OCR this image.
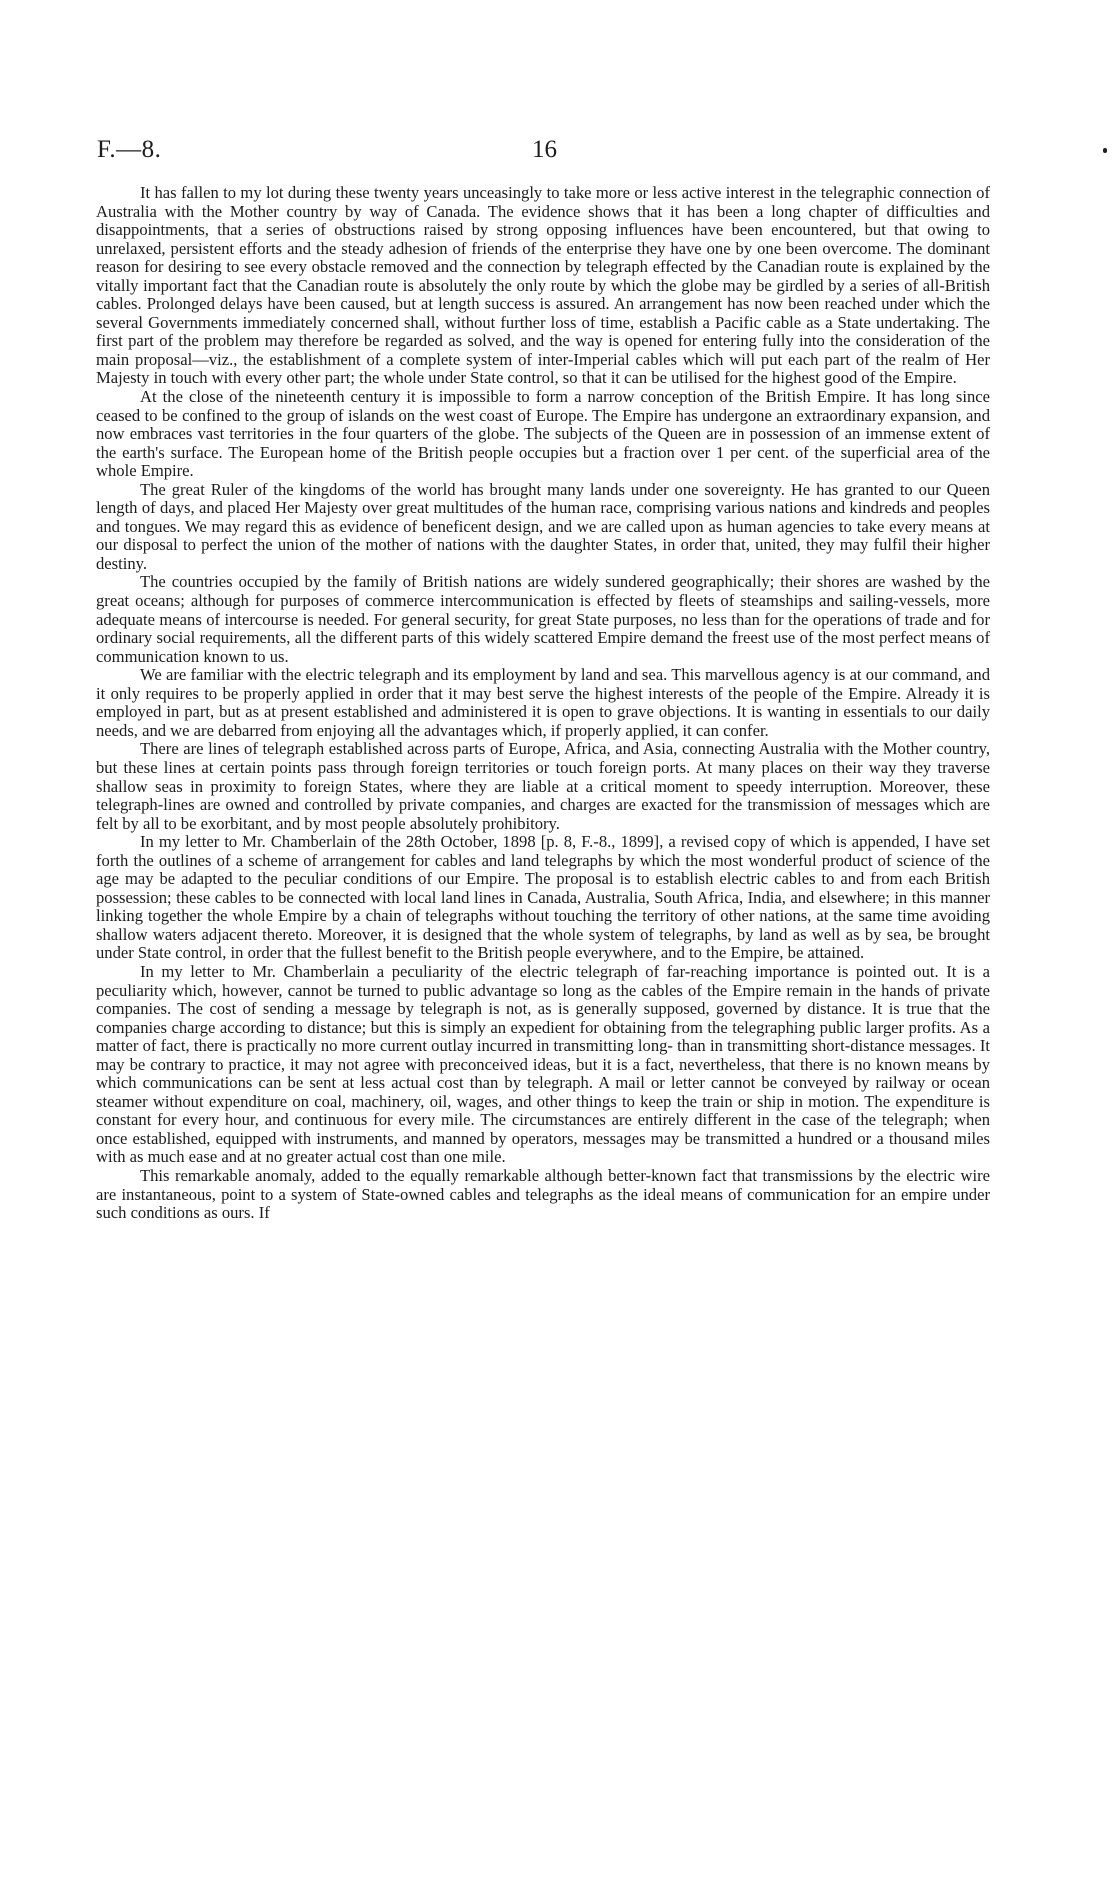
F.—8.	16

It has fallen to my lot during these twenty years unceasingly to take more or less active interest in the telegraphic connection of Australia with the Mother country by way of Canada. The evidence shows that it has been a long chapter of difficulties and disappointments, that a series of obstructions raised by strong opposing influences have been encountered, but that owing to unrelaxed, persistent efforts and the steady adhesion of friends of the enterprise they have one by one been overcome. The dominant reason for desiring to see every obstacle removed and the connection by telegraph effected by the Canadian route is explained by the vitally important fact that the Canadian route is absolutely the only route by which the globe may be girdled by a series of all-British cables. Prolonged delays have been caused, but at length success is assured. An arrangement has now been reached under which the several Governments immediately concerned shall, without further loss of time, establish a Pacific cable as a State undertaking. The first part of the problem may therefore be regarded as solved, and the way is opened for entering fully into the consideration of the main proposal—viz., the establishment of a complete system of inter-Imperial cables which will put each part of the realm of Her Majesty in touch with every other part; the whole under State control, so that it can be utilised for the highest good of the Empire.

At the close of the nineteenth century it is impossible to form a narrow conception of the British Empire. It has long since ceased to be confined to the group of islands on the west coast of Europe. The Empire has undergone an extraordinary expansion, and now embraces vast territories in the four quarters of the globe. The subjects of the Queen are in possession of an immense extent of the earth's surface. The European home of the British people occupies but a fraction over 1 per cent. of the superficial area of the whole Empire.

The great Ruler of the kingdoms of the world has brought many lands under one sovereignty. He has granted to our Queen length of days, and placed Her Majesty over great multitudes of the human race, comprising various nations and kindreds and peoples and tongues. We may regard this as evidence of beneficent design, and we are called upon as human agencies to take every means at our disposal to perfect the union of the mother of nations with the daughter States, in order that, united, they may fulfil their higher destiny.

The countries occupied by the family of British nations are widely sundered geographically; their shores are washed by the great oceans; although for purposes of commerce intercommunication is effected by fleets of steamships and sailing-vessels, more adequate means of intercourse is needed. For general security, for great State purposes, no less than for the operations of trade and for ordinary social requirements, all the different parts of this widely scattered Empire demand the freest use of the most perfect means of communication known to us.

We are familiar with the electric telegraph and its employment by land and sea. This marvellous agency is at our command, and it only requires to be properly applied in order that it may best serve the highest interests of the people of the Empire. Already it is employed in part, but as at present established and administered it is open to grave objections. It is wanting in essentials to our daily needs, and we are debarred from enjoying all the advantages which, if properly applied, it can confer.

There are lines of telegraph established across parts of Europe, Africa, and Asia, connecting Australia with the Mother country, but these lines at certain points pass through foreign territories or touch foreign ports. At many places on their way they traverse shallow seas in proximity to foreign States, where they are liable at a critical moment to speedy interruption. Moreover, these telegraph-lines are owned and controlled by private companies, and charges are exacted for the transmission of messages which are felt by all to be exorbitant, and by most people absolutely prohibitory.

In my letter to Mr. Chamberlain of the 28th October, 1898 [p. 8, F.-8., 1899], a revised copy of which is appended, I have set forth the outlines of a scheme of arrangement for cables and land telegraphs by which the most wonderful product of science of the age may be adapted to the peculiar conditions of our Empire. The proposal is to establish electric cables to and from each British possession; these cables to be connected with local land lines in Canada, Australia, South Africa, India, and elsewhere; in this manner linking together the whole Empire by a chain of telegraphs without touching the territory of other nations, at the same time avoiding shallow waters adjacent thereto. Moreover, it is designed that the whole system of telegraphs, by land as well as by sea, be brought under State control, in order that the fullest benefit to the British people everywhere, and to the Empire, be attained.

In my letter to Mr. Chamberlain a peculiarity of the electric telegraph of far-reaching importance is pointed out. It is a peculiarity which, however, cannot be turned to public advantage so long as the cables of the Empire remain in the hands of private companies. The cost of sending a message by telegraph is not, as is generally supposed, governed by distance. It is true that the companies charge according to distance; but this is simply an expedient for obtaining from the telegraphing public larger profits. As a matter of fact, there is practically no more current outlay incurred in transmitting long- than in transmitting short-distance messages. It may be contrary to practice, it may not agree with preconceived ideas, but it is a fact, nevertheless, that there is no known means by which communications can be sent at less actual cost than by telegraph. A mail or letter cannot be conveyed by railway or ocean steamer without expenditure on coal, machinery, oil, wages, and other things to keep the train or ship in motion. The expenditure is constant for every hour, and continuous for every mile. The circumstances are entirely different in the case of the telegraph; when once established, equipped with instruments, and manned by operators, messages may be transmitted a hundred or a thousand miles with as much ease and at no greater actual cost than one mile.

This remarkable anomaly, added to the equally remarkable although better-known fact that transmissions by the electric wire are instantaneous, point to a system of State-owned cables and telegraphs as the ideal means of communication for an empire under such conditions as ours. If
